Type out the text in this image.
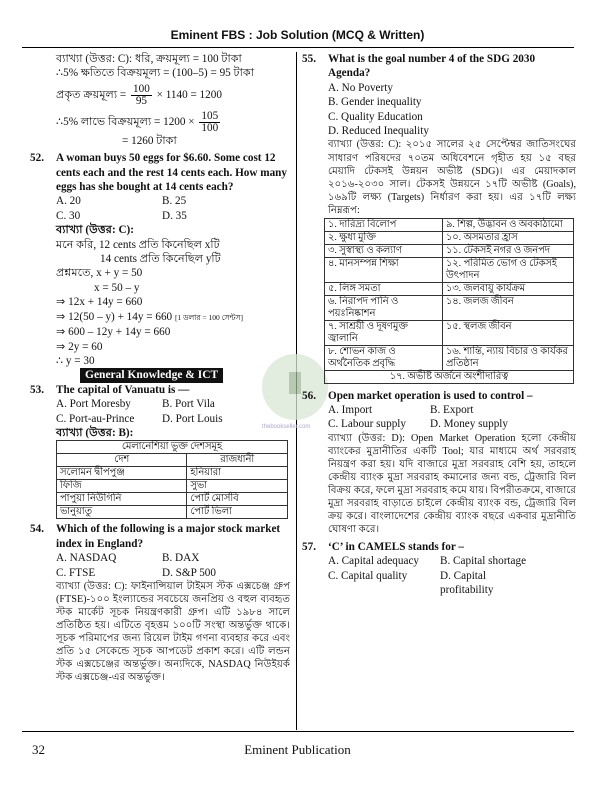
Eminent FBS : Job Solution (MCQ & Written)
thebookseller.com
ব্যাখ্যা (উত্তর: C): ধরি, ক্রয়মূল্য = 100 টাকা
∴5% ক্ষতিতে বিক্রয়মূল্য = (100–5) = 95 টাকা
প্রকৃত ক্রয়মূল্য = $\frac{100}{95} \times 1140 = 1200$
∴5% লাভে বিক্রয়মূল্য = $1200 \times \frac{105}{100}$
= 1260 টাকা
52. A woman buys 50 eggs for $6.60. Some cost 12 cents each and the rest 14 cents each. How many eggs has she bought at 14 cents each?
A. 20	B. 25
C. 30	D. 35
ব্যাখ্যা (উত্তর: C):
মনে করি, 12 cents প্রতি কিনেছিল xটি
14 cents প্রতি কিনেছিল yটি
প্রশ্নমতে, x + y = 50
x = 50 – y
⇒ 12x + 14y = 660
⇒ 12(50 – y) + 14y = 660 [1 ডলার = 100 সেন্টস]
⇒ 600 – 12y + 14y = 660
⇒ 2y = 60
∴ y = 30
General Knowledge & ICT
53. The capital of Vanuatu is —
A. Port Moresby	B. Port Vila
C. Port-au-Prince	D. Port Louis
ব্যাখ্যা (উত্তর: B):
মেলানেশিয়া ভুক্ত দেশসমূহ	
দেশ	রাজধানী
সলোমন দ্বীপপুঞ্জ	হনিয়ারা
ফিজি	সুভা
পাপুয়া নিউগিনি	পোর্ট মোর্সবি
ভানুয়াতু	পোর্ট ভিলা
54. Which of the following is a major stock market index in England?
A. NASDAQ	B. DAX
C. FTSE	D. S&P 500
ব্যাখ্যা (উত্তর: C): ফাইনান্সিয়াল টাইমস স্টক এক্সচেঞ্জ গ্রুপ (FTSE)-১০০ ইংল্যান্ডের সবচেয়ে জনপ্রিয় ও বহুল ব্যবহৃত স্টক মার্কেট সূচক নিয়ন্ত্রণকারী গ্রুপ। এটি ১৯৮৪ সালে প্রতিষ্ঠিত হয়। এটিতে বৃহত্তম ১০০টি সংস্থা অন্তর্ভুক্ত থাকে। সূচক পরিমাপের জন্য রিয়েল টাইম গণনা ব্যবহার করে এবং প্রতি ১৫ সেকেন্ডে সূচক আপডেট প্রকাশ করে। এটি লন্ডন স্টক এক্সচেঞ্জের অন্তর্ভুক্ত। অন্যদিকে, NASDAQ নিউইয়র্ক স্টক এক্সচেঞ্জ-এর অন্তর্ভুক্ত।
55. What is the goal number 4 of the SDG 2030 Agenda?
A. No Poverty
B. Gender inequality
C. Quality Education
D. Reduced Inequality
ব্যাখ্যা (উত্তর: C): ২০১৫ সালের ২৫ সেপ্টেম্বর জাতিসংঘের সাধারণ পরিষদের ৭০তম অধিবেশনে গৃহীত হয় ১৫ বছর মেয়াদি টেকসই উন্নয়ন অভীষ্ট (SDG)। এর মেয়াদকাল ২০১৬-২০৩০ সাল। টেকসই উন্নয়নে ১৭টি অভীষ্ট (Goals), ১৬৯টি লক্ষ্য (Targets) নির্ধারণ করা হয়। এর ১৭টি লক্ষ্য নিম্নরূপ:
১. দারিদ্র্য বিলোপ	৯. শিল্প, উদ্ভাবন ও অবকাঠামো
২. ক্ষুধা মুক্তি	১০. অসমতার হ্রাস
৩. সুস্বাস্থ্য ও কল্যাণ	১১. টেকসই নগর ও জনপদ
৪. মানসম্পন্ন শিক্ষা	১২. পরিমিত ভোগ ও টেকসই উৎপাদন
৫. লিঙ্গ সমতা	১৩. জলবায়ু কার্যক্রম
৬. নিরাপদ পানি ও পয়ঃনিষ্কাশন	১৪. জলজ জীবন
৭. সাশ্রয়ী ও দূষণমুক্ত জ্বালানি	১৫. স্থলজ জীবন
৮. শোভন কাজ ও অর্থনৈতিক প্রবৃদ্ধি	১৬. শান্তি, ন্যায় বিচার ও কার্যকর প্রতিষ্ঠান
১৭. অভীষ্ট অর্জনে অংশীদারিত্ব	
56. Open market operation is used to control –
A. Import	B. Export
C. Labour supply	D. Money supply
ব্যাখ্যা (উত্তর: D): Open Market Operation হলো কেন্দ্রীয় ব্যাংকের মুদ্রানীতির একটি Tool; যার মাধ্যমে অর্থ সরবরাহ নিয়ন্ত্রণ করা হয়। যদি বাজারে মুদ্রা সরবরাহ বেশি হয়, তাহলে কেন্দ্রীয় ব্যাংক মুদ্রা সরবরাহ কমানোর জন্য বন্ড, ট্রেজারি বিল বিক্রয় করে, ফলে মুদ্রা সরবরাহ কমে যায়। বিপরীতক্রমে, বাজারে মুদ্রা সরবরাহ বাড়াতে চাইলে কেন্দ্রীয় ব্যাংক বন্ড, ট্রেজারি বিল ক্রয় করে। বাংলাদেশের কেন্দ্রীয় ব্যাংক বছরে একবার মুদ্রানীতি ঘোষণা করে।
57. ‘C’ in CAMELS stands for –
A. Capital adequacy	B. Capital shortage
C. Capital quality	D. Capital profitability
32	Eminent Publication
